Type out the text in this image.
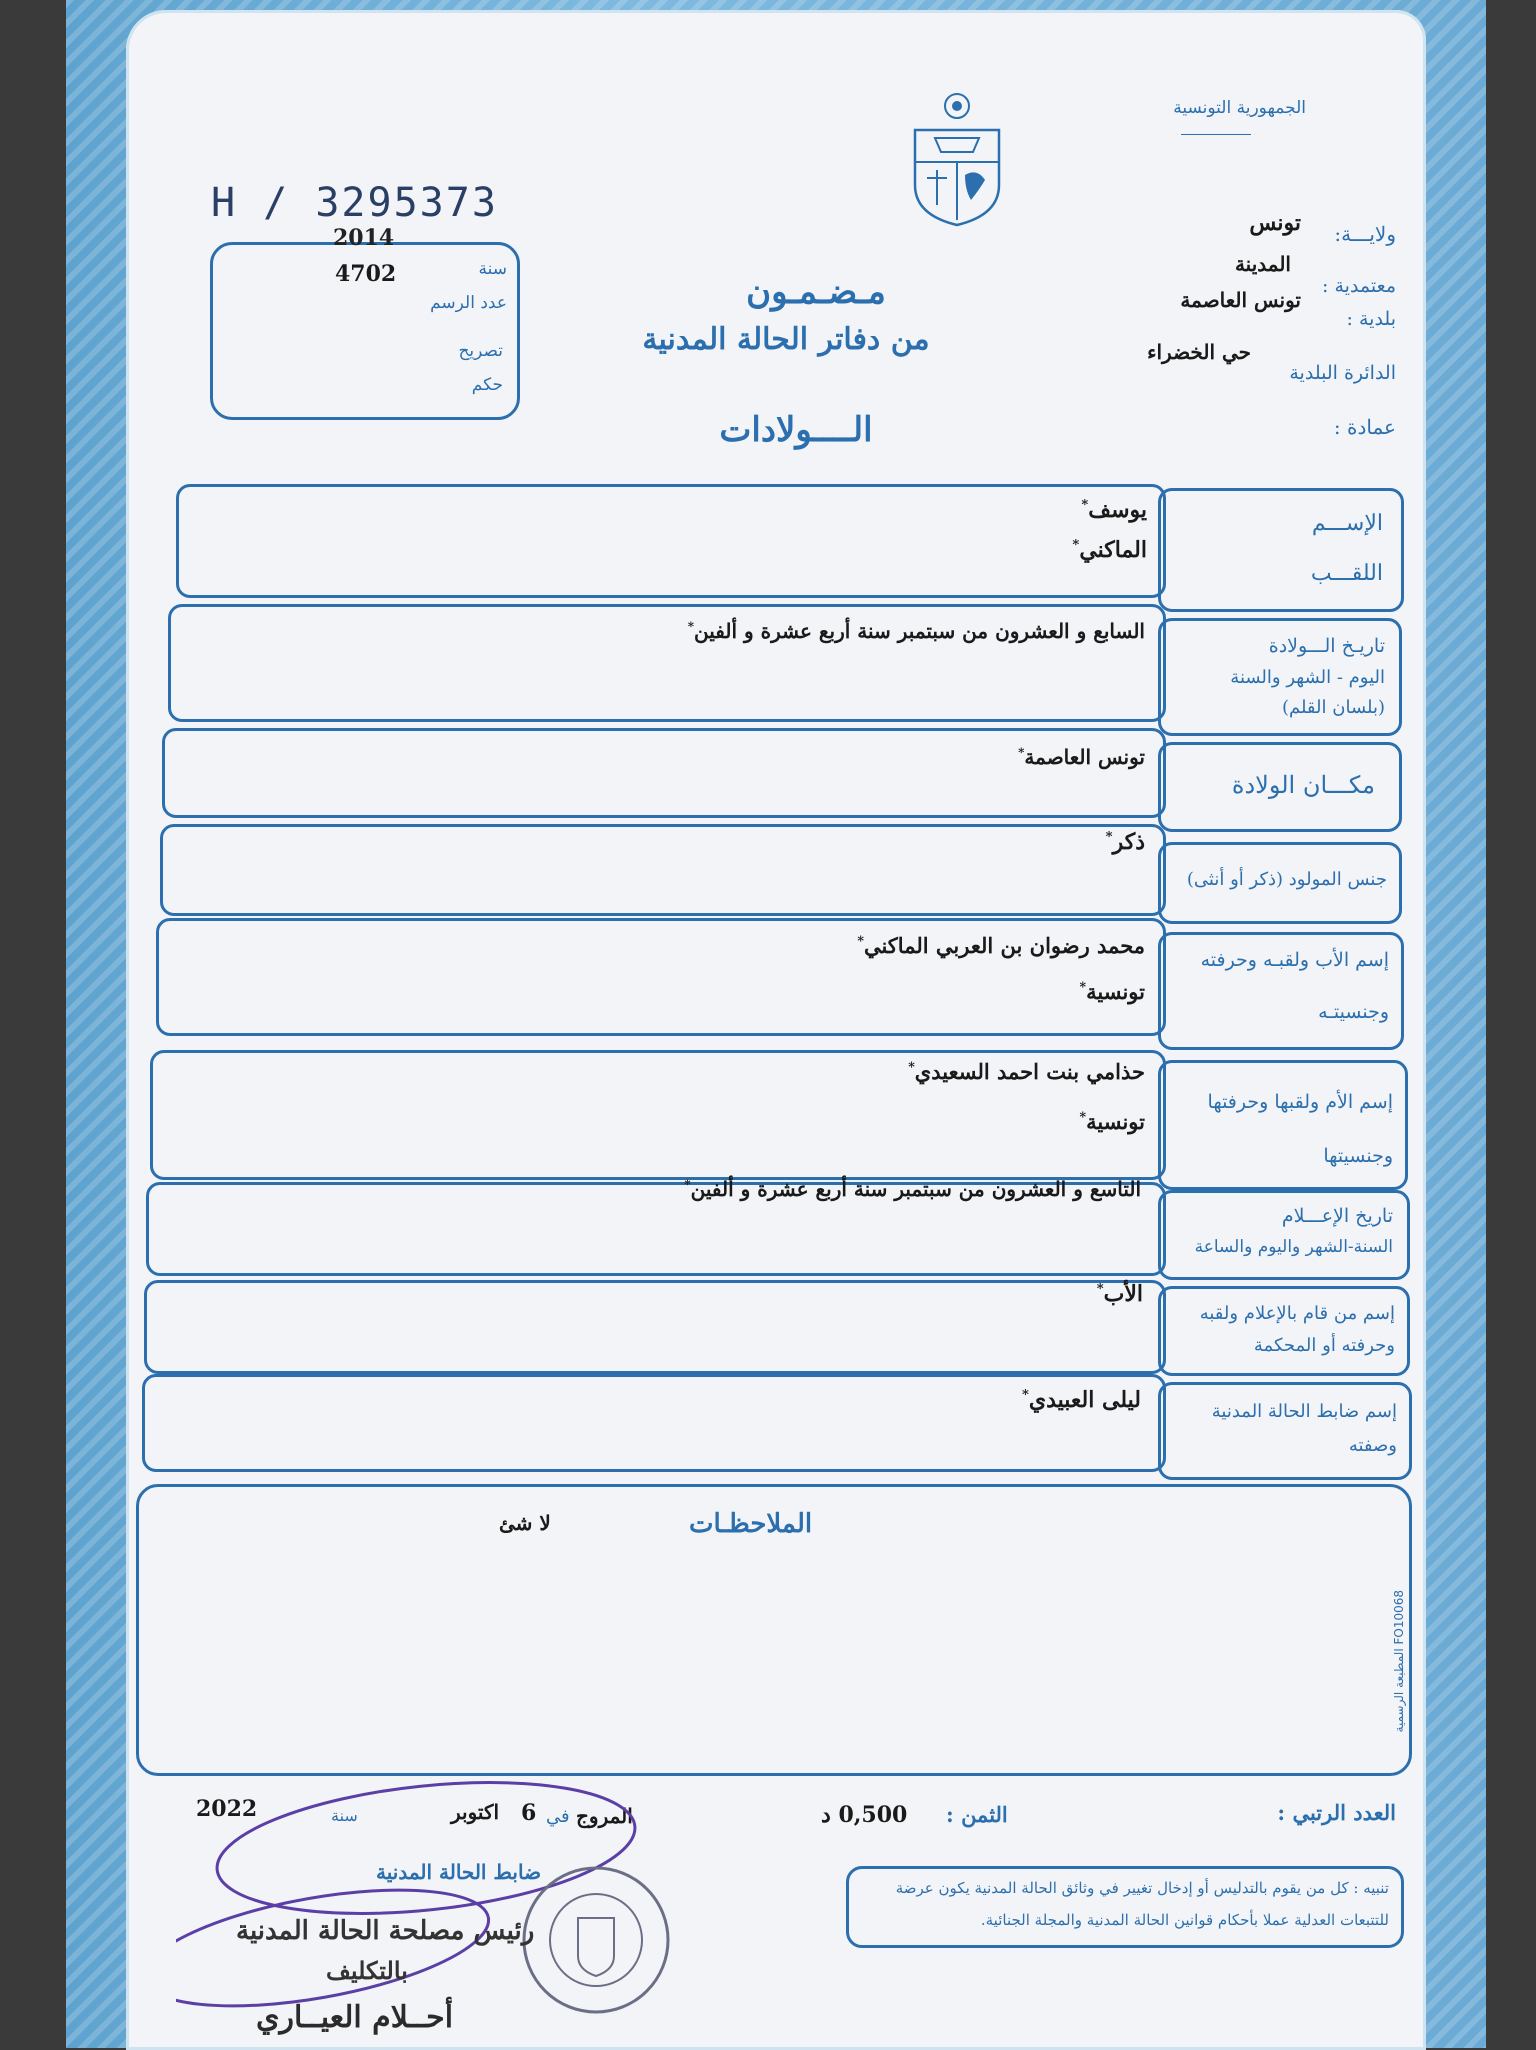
الجمهورية التونسية
H / 3295373
2014
سنة
4702
عدد الرسم
تصريح
حكم
ولايـــة:
تونس
المدينة
معتمدية :
تونس العاصمة
بلدية :
حي الخضراء
الدائرة البلدية
عمادة :
مـضـمـون
من دفاتر الحالة المدنية
الــــولادات
الإســـم
اللقـــب
يوسف*
الماكني*
تاريـخ الـــولادة
اليوم - الشهر والسنة
(بلسان القلم)
السابع و العشرون من سبتمبر سنة أربع عشرة و ألفين*
مكـــان الولادة
تونس العاصمة*
جنس المولود (ذكر أو أنثى)
ذكر*
إسم الأب ولقبـه وحرفته
وجنسيتـه
محمد رضوان بن العربي الماكني*
تونسية*
إسم الأم ولقبها وحرفتها
وجنسيتها
حذامي بنت احمد السعيدي*
تونسية*
تاريخ الإعـــلام
السنة-الشهر واليوم والساعة
التاسع و العشرون من سبتمبر سنة أربع عشرة و ألفين*
إسم من قام بالإعلام ولقبه
وحرفته أو المحكمة
الأب*
إسم ضابط الحالة المدنية
وصفته
ليلى العبيدي*
الملاحظـات
لا شئ
المطبعة الرسمية FO10068
العدد الرتبي :
الثمن :
0,500 د
المروج
في
6
اكتوبر
سنة
2022
ضابط الحالة المدنية
تنبيه : كل من يقوم بالتدليس أو إدخال تغيير في وثائق الحالة المدنية يكون عرضة
للتتبعات العدلية عملا بأحكام قوانين الحالة المدنية والمجلة الجنائية.
رئيس مصلحة الحالة المدنية
بالتكليف
أحــلام العيــاري
